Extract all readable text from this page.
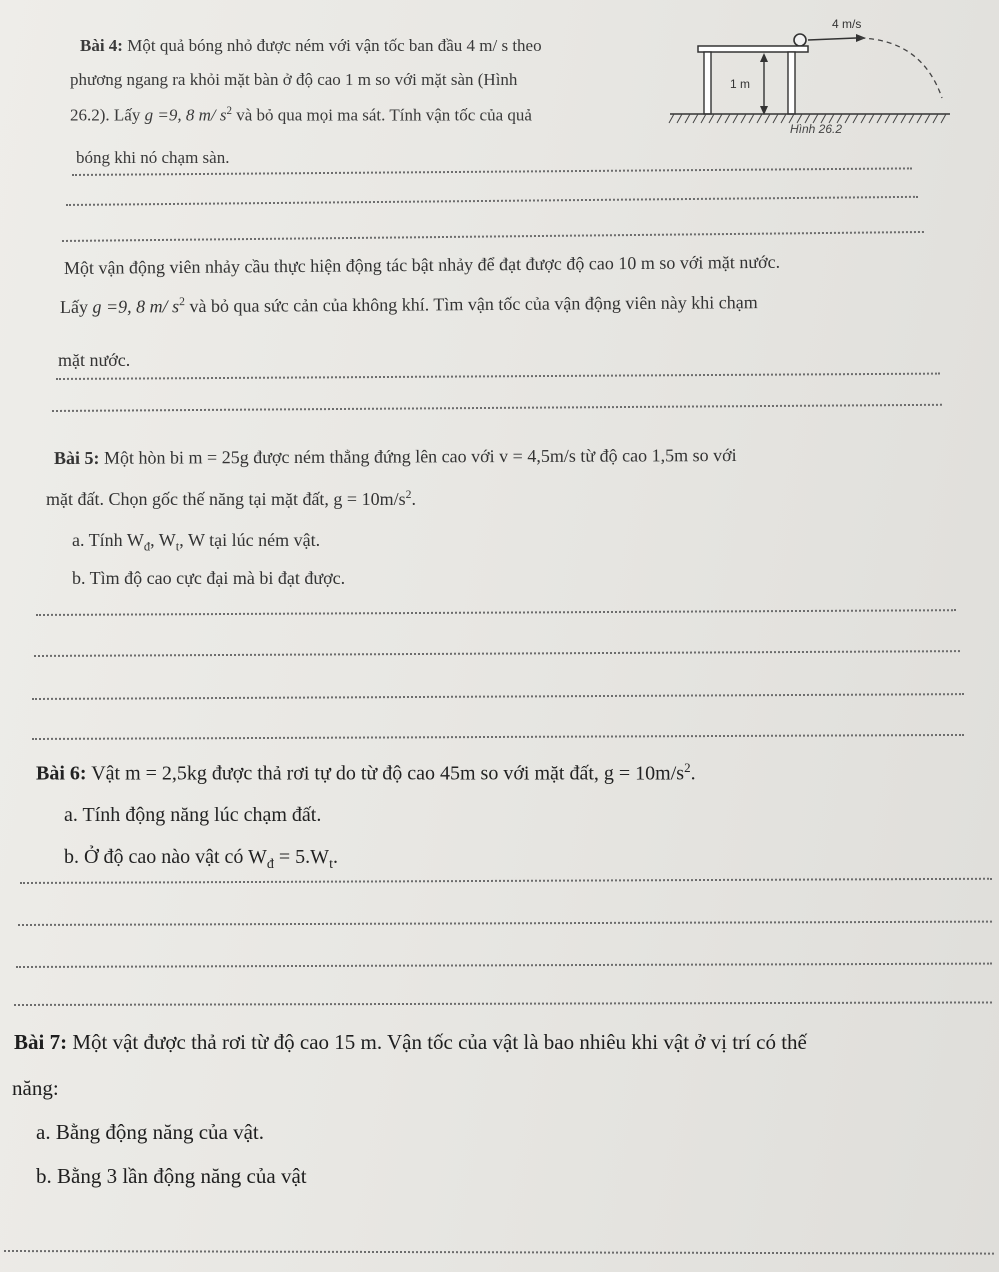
Bài 4: Một quả bóng nhỏ được ném với vận tốc ban đầu 4 m/ s theo
phương ngang ra khỏi mặt bàn ở độ cao 1 m so với mặt sàn (Hình
26.2). Lấy g =9, 8 m/ $s^2$ và bỏ qua mọi ma sát. Tính vận tốc của quả
4 m/s
1 m
Hình 26.2
bóng khi nó chạm sàn.
Một vận động viên nhảy cầu thực hiện động tác bật nhảy để đạt được độ cao 10 m so với mặt nước.
Lấy g =9, 8 m/ $s^2$ và bỏ qua sức cản của không khí. Tìm vận tốc của vận động viên này khi chạm
mặt nước.
Bài 5: Một hòn bi m = 25g được ném thẳng đứng lên cao với v = 4,5m/s từ độ cao 1,5m so với
mặt đất. Chọn gốc thế năng tại mặt đất, $g = 10m/s^2$.
a. Tính $W_đ$, $W_t$, W tại lúc ném vật.
b. Tìm độ cao cực đại mà bi đạt được.
Bài 6: Vật m = 2,5kg được thả rơi tự do từ độ cao 45m so với mặt đất, $g = 10m/s^2$.
a. Tính động năng lúc chạm đất.
b. Ở độ cao nào vật có $W_đ = 5.W_t$.
Bài 7: Một vật được thả rơi từ độ cao 15 m. Vận tốc của vật là bao nhiêu khi vật ở vị trí có thế
năng:
a. Bằng động năng của vật.
b. Bằng 3 lần động năng của vật
